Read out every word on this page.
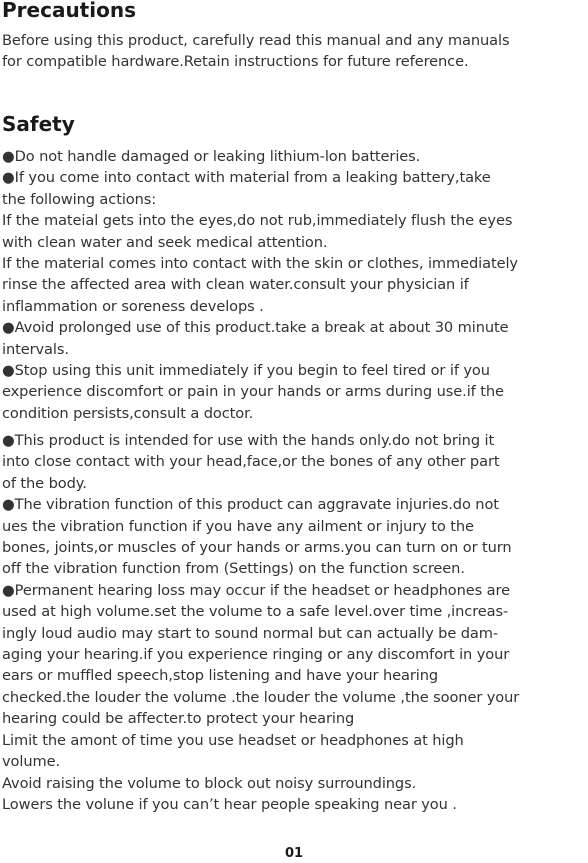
Precautions

Before using this product, carefully read this manual and any manuals
for compatible hardware.Retain instructions for future reference.

Safety

●Do not handle damaged or leaking lithium-lon batteries.
●If you come into contact with material from a leaking battery,take
the following actions:
If the mateial gets into the eyes,do not rub,immediately flush the eyes
with clean water and seek medical attention.
If the material comes into contact with the skin or clothes, immediately
rinse the affected area with clean water.consult your physician if
inflammation or soreness develops .
●Avoid prolonged use of this product.take a break at about 30 minute
intervals.
●Stop using this unit immediately if you begin to feel tired or if you
experience discomfort or pain in your hands or arms during use.if the
condition persists,consult a doctor.

●This product is intended for use with the hands only.do not bring it
into close contact with your head,face,or the bones of any other part
of the body.
●The vibration function of this product can aggravate injuries.do not
ues the vibration function if you have any ailment or injury to the
bones, joints,or muscles of your hands or arms.you can turn on or turn
off the vibration function from (Settings) on the function screen.
●Permanent hearing loss may occur if the headset or headphones are
used at high volume.set the volume to a safe level.over time ,increas-
ingly loud audio may start to sound normal but can actually be dam-
aging your hearing.if you experience ringing or any discomfort in your
ears or muffled speech,stop listening and have your hearing
checked.the louder the volume .the louder the volume ,the sooner your
hearing could be affecter.to protect your hearing
Limit the amont of time you use headset or headphones at high
volume.
Avoid raising the volume to block out noisy surroundings.
Lowers the volune if you can’t hear people speaking near you .

01
